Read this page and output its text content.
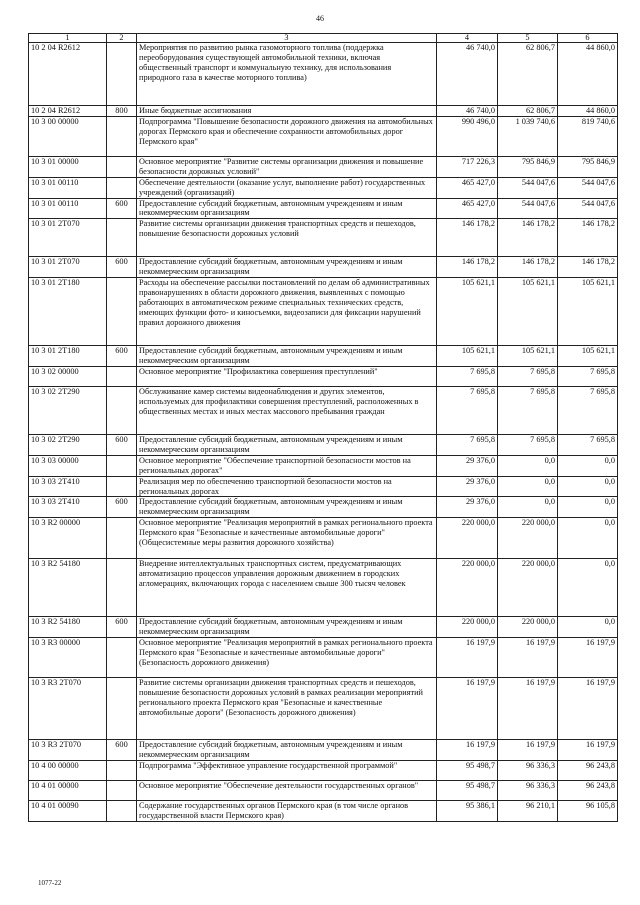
46
1	2	3	4	5	6
10 2 04 R2612		Мероприятия по развитию рынка газомоторного топлива (поддержка переоборудования существующей автомобильной техники, включая общественный транспорт и коммунальную технику, для использования природного газа в качестве моторного топлива)	46 740,0	62 806,7	44 860,0
10 2 04 R2612	800	Иные бюджетные ассигнования	46 740,0	62 806,7	44 860,0
10 3 00 00000		Подпрограмма "Повышение безопасности дорожного движения на автомобильных дорогах Пермского края и обеспечение сохранности автомобильных дорог Пермского края"	990 496,0	1 039 740,6	819 740,6
10 3 01 00000		Основное мероприятие "Развитие системы организации движения и повышение безопасности дорожных условий"	717 226,3	795 846,9	795 846,9
10 3 01 00110		Обеспечение деятельности (оказание услуг, выполнение работ) государственных учреждений (организаций)	465 427,0	544 047,6	544 047,6
10 3 01 00110	600	Предоставление субсидий бюджетным, автономным учреждениям и иным некоммерческим организациям	465 427,0	544 047,6	544 047,6
10 3 01 2T070		Развитие системы организации движения транспортных средств и пешеходов, повышение безопасности дорожных условий	146 178,2	146 178,2	146 178,2
10 3 01 2T070	600	Предоставление субсидий бюджетным, автономным учреждениям и иным некоммерческим организациям	146 178,2	146 178,2	146 178,2
10 3 01 2T180		Расходы на обеспечение рассылки постановлений по делам об административных правонарушениях в области дорожного движения, выявленных с помощью работающих в автоматическом режиме специальных технических средств, имеющих функции фото- и киносъемки, видеозаписи для фиксации нарушений правил дорожного движения	105 621,1	105 621,1	105 621,1
10 3 01 2T180	600	Предоставление субсидий бюджетным, автономным учреждениям и иным некоммерческим организациям	105 621,1	105 621,1	105 621,1
10 3 02 00000		Основное мероприятие "Профилактика совершения преступлений"	7 695,8	7 695,8	7 695,8
10 3 02 2T290		Обслуживание камер системы видеонаблюдения и других элементов, используемых для профилактики совершения преступлений, расположенных в общественных местах и иных местах массового пребывания граждан	7 695,8	7 695,8	7 695,8
10 3 02 2T290	600	Предоставление субсидий бюджетным, автономным учреждениям и иным некоммерческим организациям	7 695,8	7 695,8	7 695,8
10 3 03 00000		Основное мероприятие "Обеспечение транспортной безопасности мостов на региональных дорогах"	29 376,0	0,0	0,0
10 3 03 2T410		Реализация мер по обеспечению транспортной безопасности мостов на региональных дорогах	29 376,0	0,0	0,0
10 3 03 2T410	600	Предоставление субсидий бюджетным, автономным учреждениям и иным некоммерческим организациям	29 376,0	0,0	0,0
10 3 R2 00000		Основное мероприятие "Реализация мероприятий в рамках регионального проекта Пермского края "Безопасные и качественные автомобильные дороги" (Общесистемные меры развития дорожного хозяйства)	220 000,0	220 000,0	0,0
10 3 R2 54180		Внедрение интеллектуальных транспортных систем, предусматривающих автоматизацию процессов управления дорожным движением в городских агломерациях, включающих города с населением свыше 300 тысяч человек	220 000,0	220 000,0	0,0
10 3 R2 54180	600	Предоставление субсидий бюджетным, автономным учреждениям и иным некоммерческим организациям	220 000,0	220 000,0	0,0
10 3 R3 00000		Основное мероприятие "Реализация мероприятий в рамках регионального проекта Пермского края "Безопасные и качественные автомобильные дороги" (Безопасность дорожного движения)	16 197,9	16 197,9	16 197,9
10 3 R3 2T070		Развитие системы организации движения транспортных средств и пешеходов, повышение безопасности дорожных условий в рамках реализации мероприятий регионального проекта Пермского края "Безопасные и качественные автомобильные дороги" (Безопасность дорожного движения)	16 197,9	16 197,9	16 197,9
10 3 R3 2T070	600	Предоставление субсидий бюджетным, автономным учреждениям и иным некоммерческим организациям	16 197,9	16 197,9	16 197,9
10 4 00 00000		Подпрограмма "Эффективное управление государственной программой"	95 498,7	96 336,3	96 243,8
10 4 01 00000		Основное мероприятие "Обеспечение деятельности государственных органов"	95 498,7	96 336,3	96 243,8
10 4 01 00090		Содержание государственных органов Пермского края (в том числе органов государственной власти Пермского края)	95 386,1	96 210,1	96 105,8
1077-22
